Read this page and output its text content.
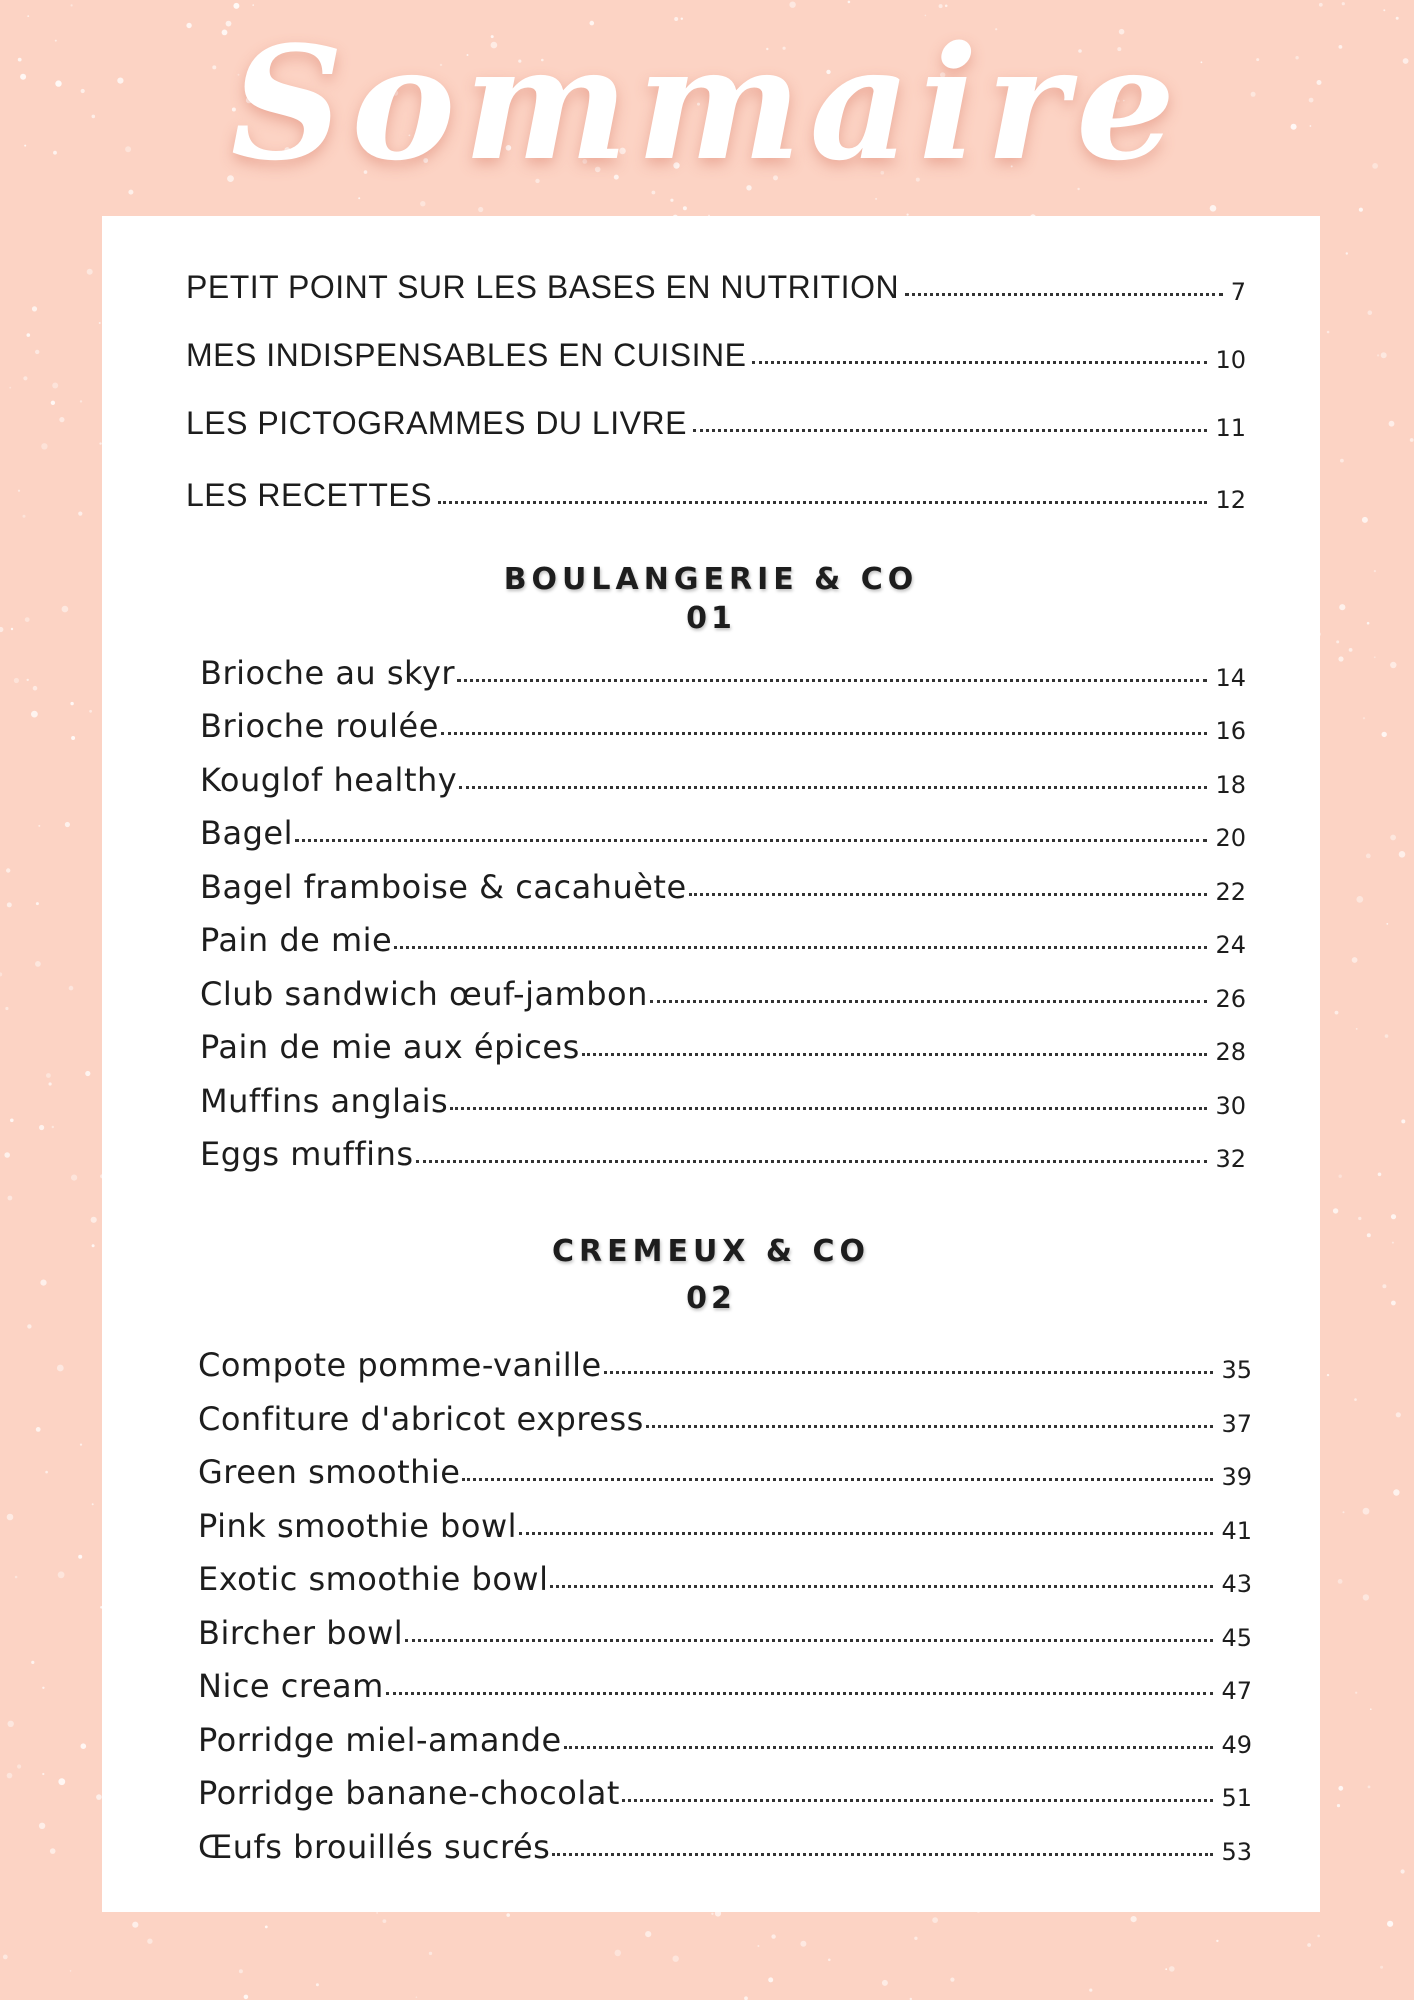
Sommaire
PETIT POINT SUR LES BASES EN NUTRITION	7
MES INDISPENSABLES EN CUISINE	10
LES PICTOGRAMMES DU LIVRE	11
LES RECETTES	12
BOULANGERIE & CO
01
Brioche au skyr	14
Brioche roulée	16
Kouglof healthy	18
Bagel	20
Bagel framboise & cacahuète	22
Pain de mie	24
Club sandwich œuf-jambon	26
Pain de mie aux épices	28
Muffins anglais	30
Eggs muffins	32
CREMEUX & CO
02
Compote pomme-vanille	35
Confiture d'abricot express	37
Green smoothie	39
Pink smoothie bowl	41
Exotic smoothie bowl	43
Bircher bowl	45
Nice cream	47
Porridge miel-amande	49
Porridge banane-chocolat	51
Œufs brouillés sucrés	53
